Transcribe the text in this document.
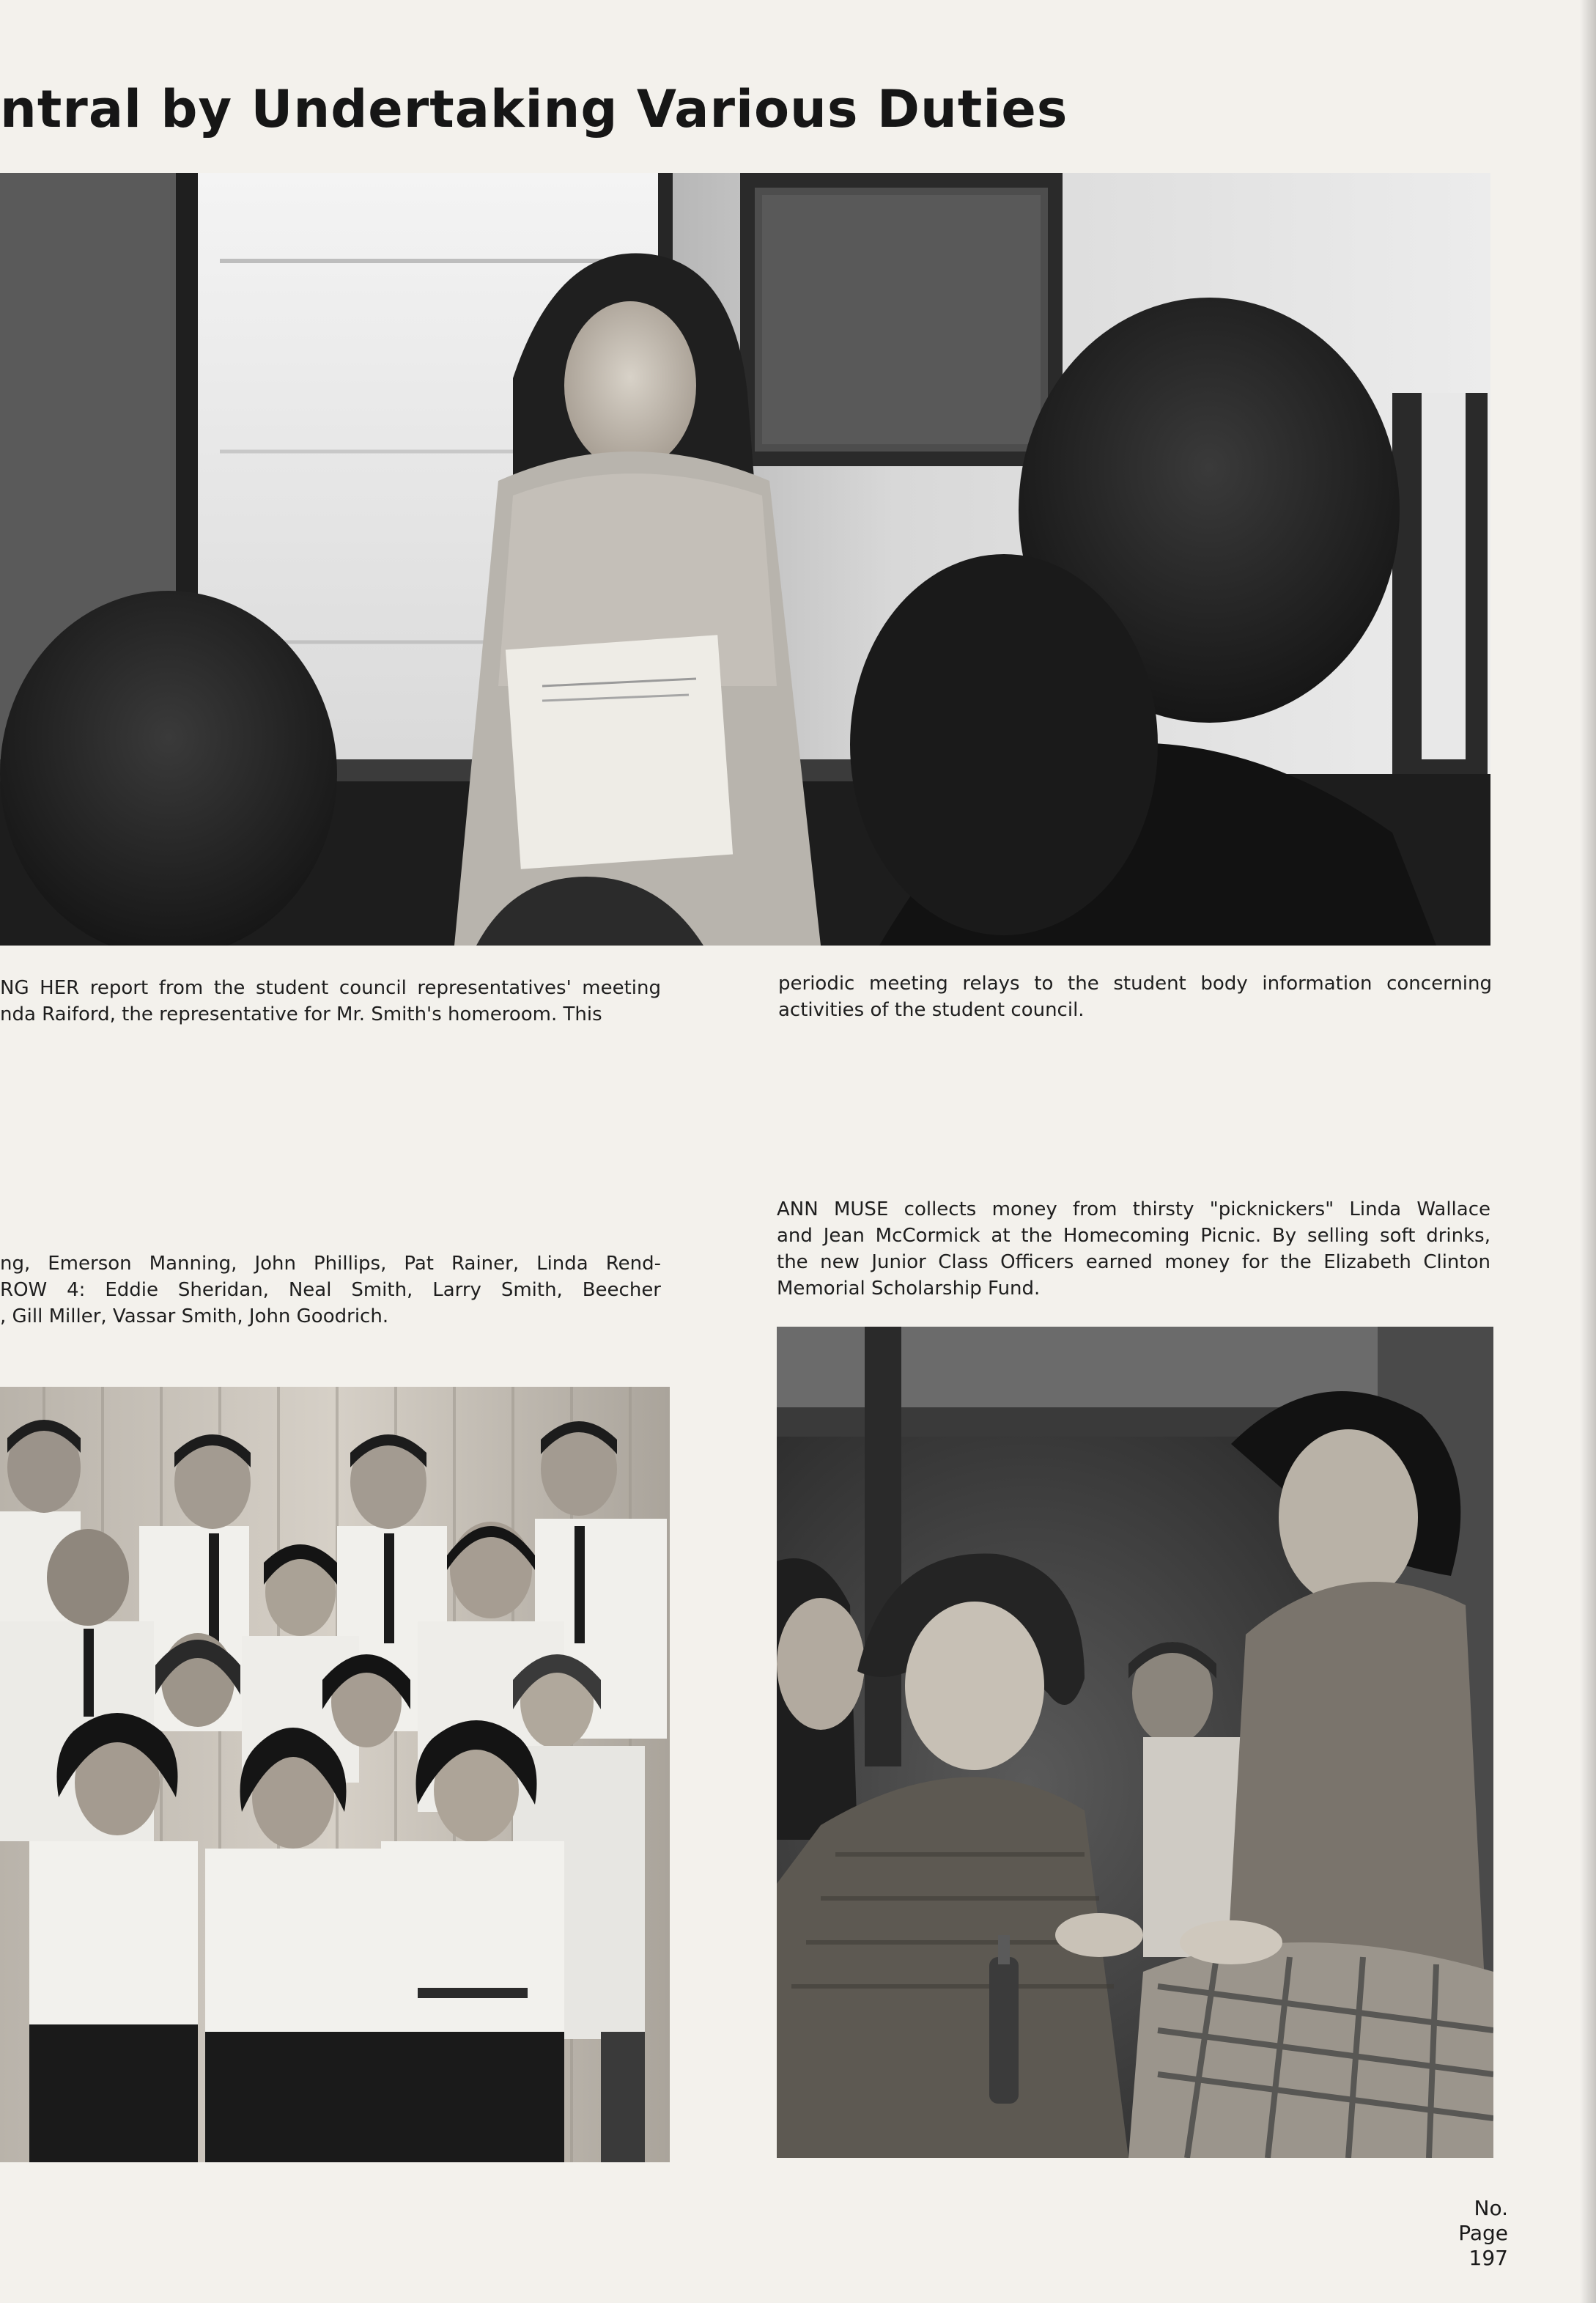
ntral by Undertaking Various Duties
NG HER report from the student council representatives' meeting
nda Raiford, the representative for Mr. Smith's homeroom. This
periodic meeting relays to the student body information concerning
activities of the student council.
ANN MUSE collects money from thirsty "picknickers" Linda Wallace
and Jean McCormick at the Homecoming Picnic. By selling soft drinks,
the new Junior Class Officers earned money for the Elizabeth Clinton
Memorial Scholarship Fund.
ng, Emerson Manning, John Phillips, Pat Rainer, Linda Rend-
ROW 4: Eddie Sheridan, Neal Smith, Larry Smith, Beecher
, Gill Miller, Vassar Smith, John Goodrich.
No.
Page
197
